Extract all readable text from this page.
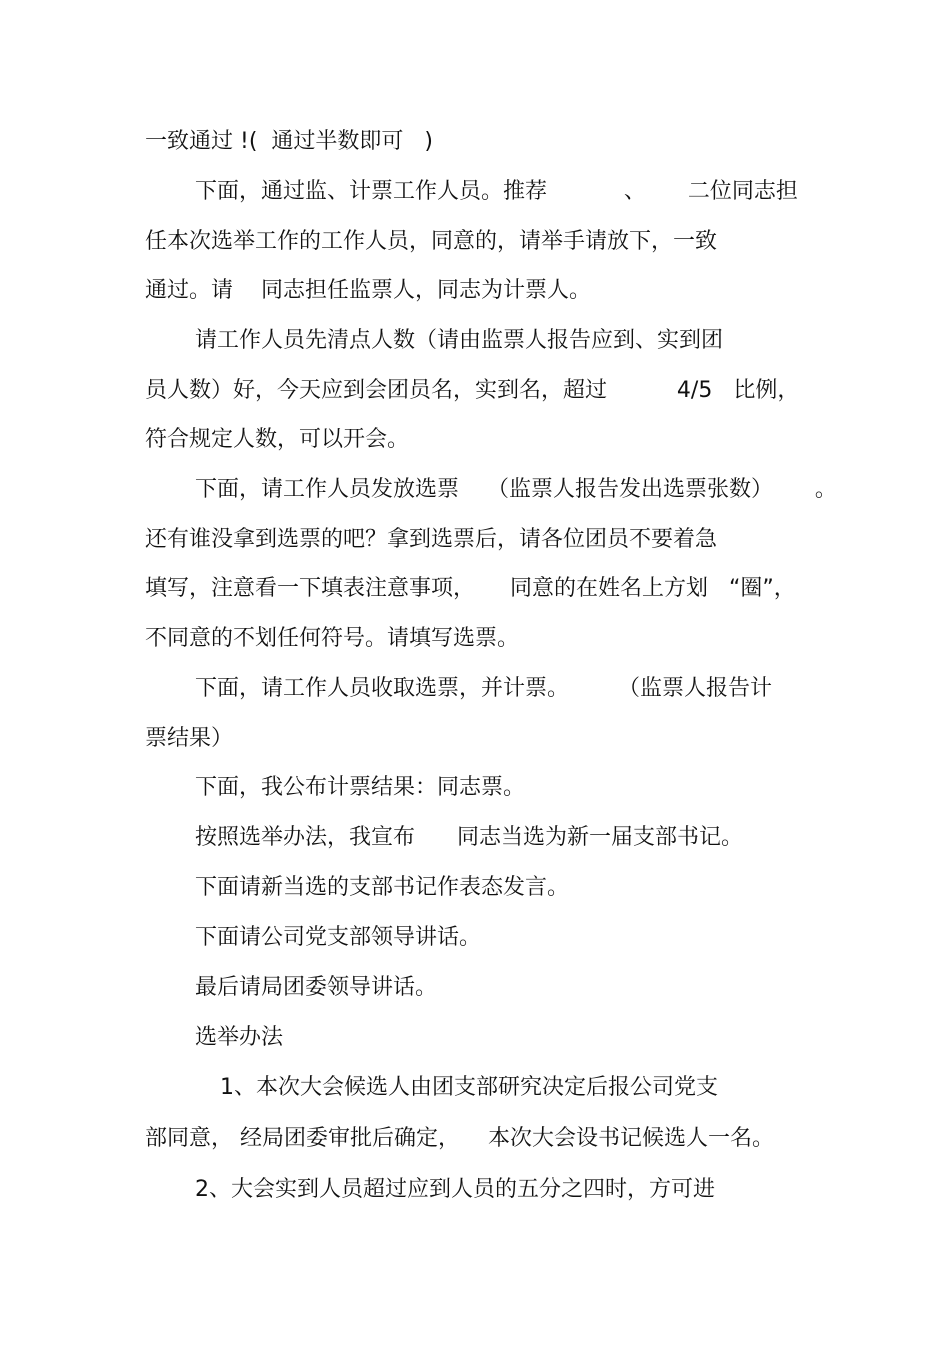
一致通过 !(  通过半数即可   )
下面，通过监、计票工作人员。推荐           、      二位同志担
任本次选举工作的工作人员，同意的，请举手请放下，一致
通过。请    同志担任监票人，同志为计票人。
请工作人员先清点人数（请由监票人报告应到、实到团
员人数）好，今天应到会团员名，实到名，超过          4/5   比例，
符合规定人数，可以开会。
下面，请工作人员发放选票    （监票人报告发出选票张数）      。
还有谁没拿到选票的吧？拿到选票后，请各位团员不要着急
填写，注意看一下填表注意事项，     同意的在姓名上方划   “圈”，
不同意的不划任何符号。请填写选票。
下面，请工作人员收取选票，并计票。       （监票人报告计
票结果）
下面，我公布计票结果：同志票。
按照选举办法，我宣布      同志当选为新一届支部书记。
下面请新当选的支部书记作表态发言。
下面请公司党支部领导讲话。
最后请局团委领导讲话。
选举办法
1、本次大会候选人由团支部研究决定后报公司党支
部同意， 经局团委审批后确定，    本次大会设书记候选人一名。
2、大会实到人员超过应到人员的五分之四时，方可进
